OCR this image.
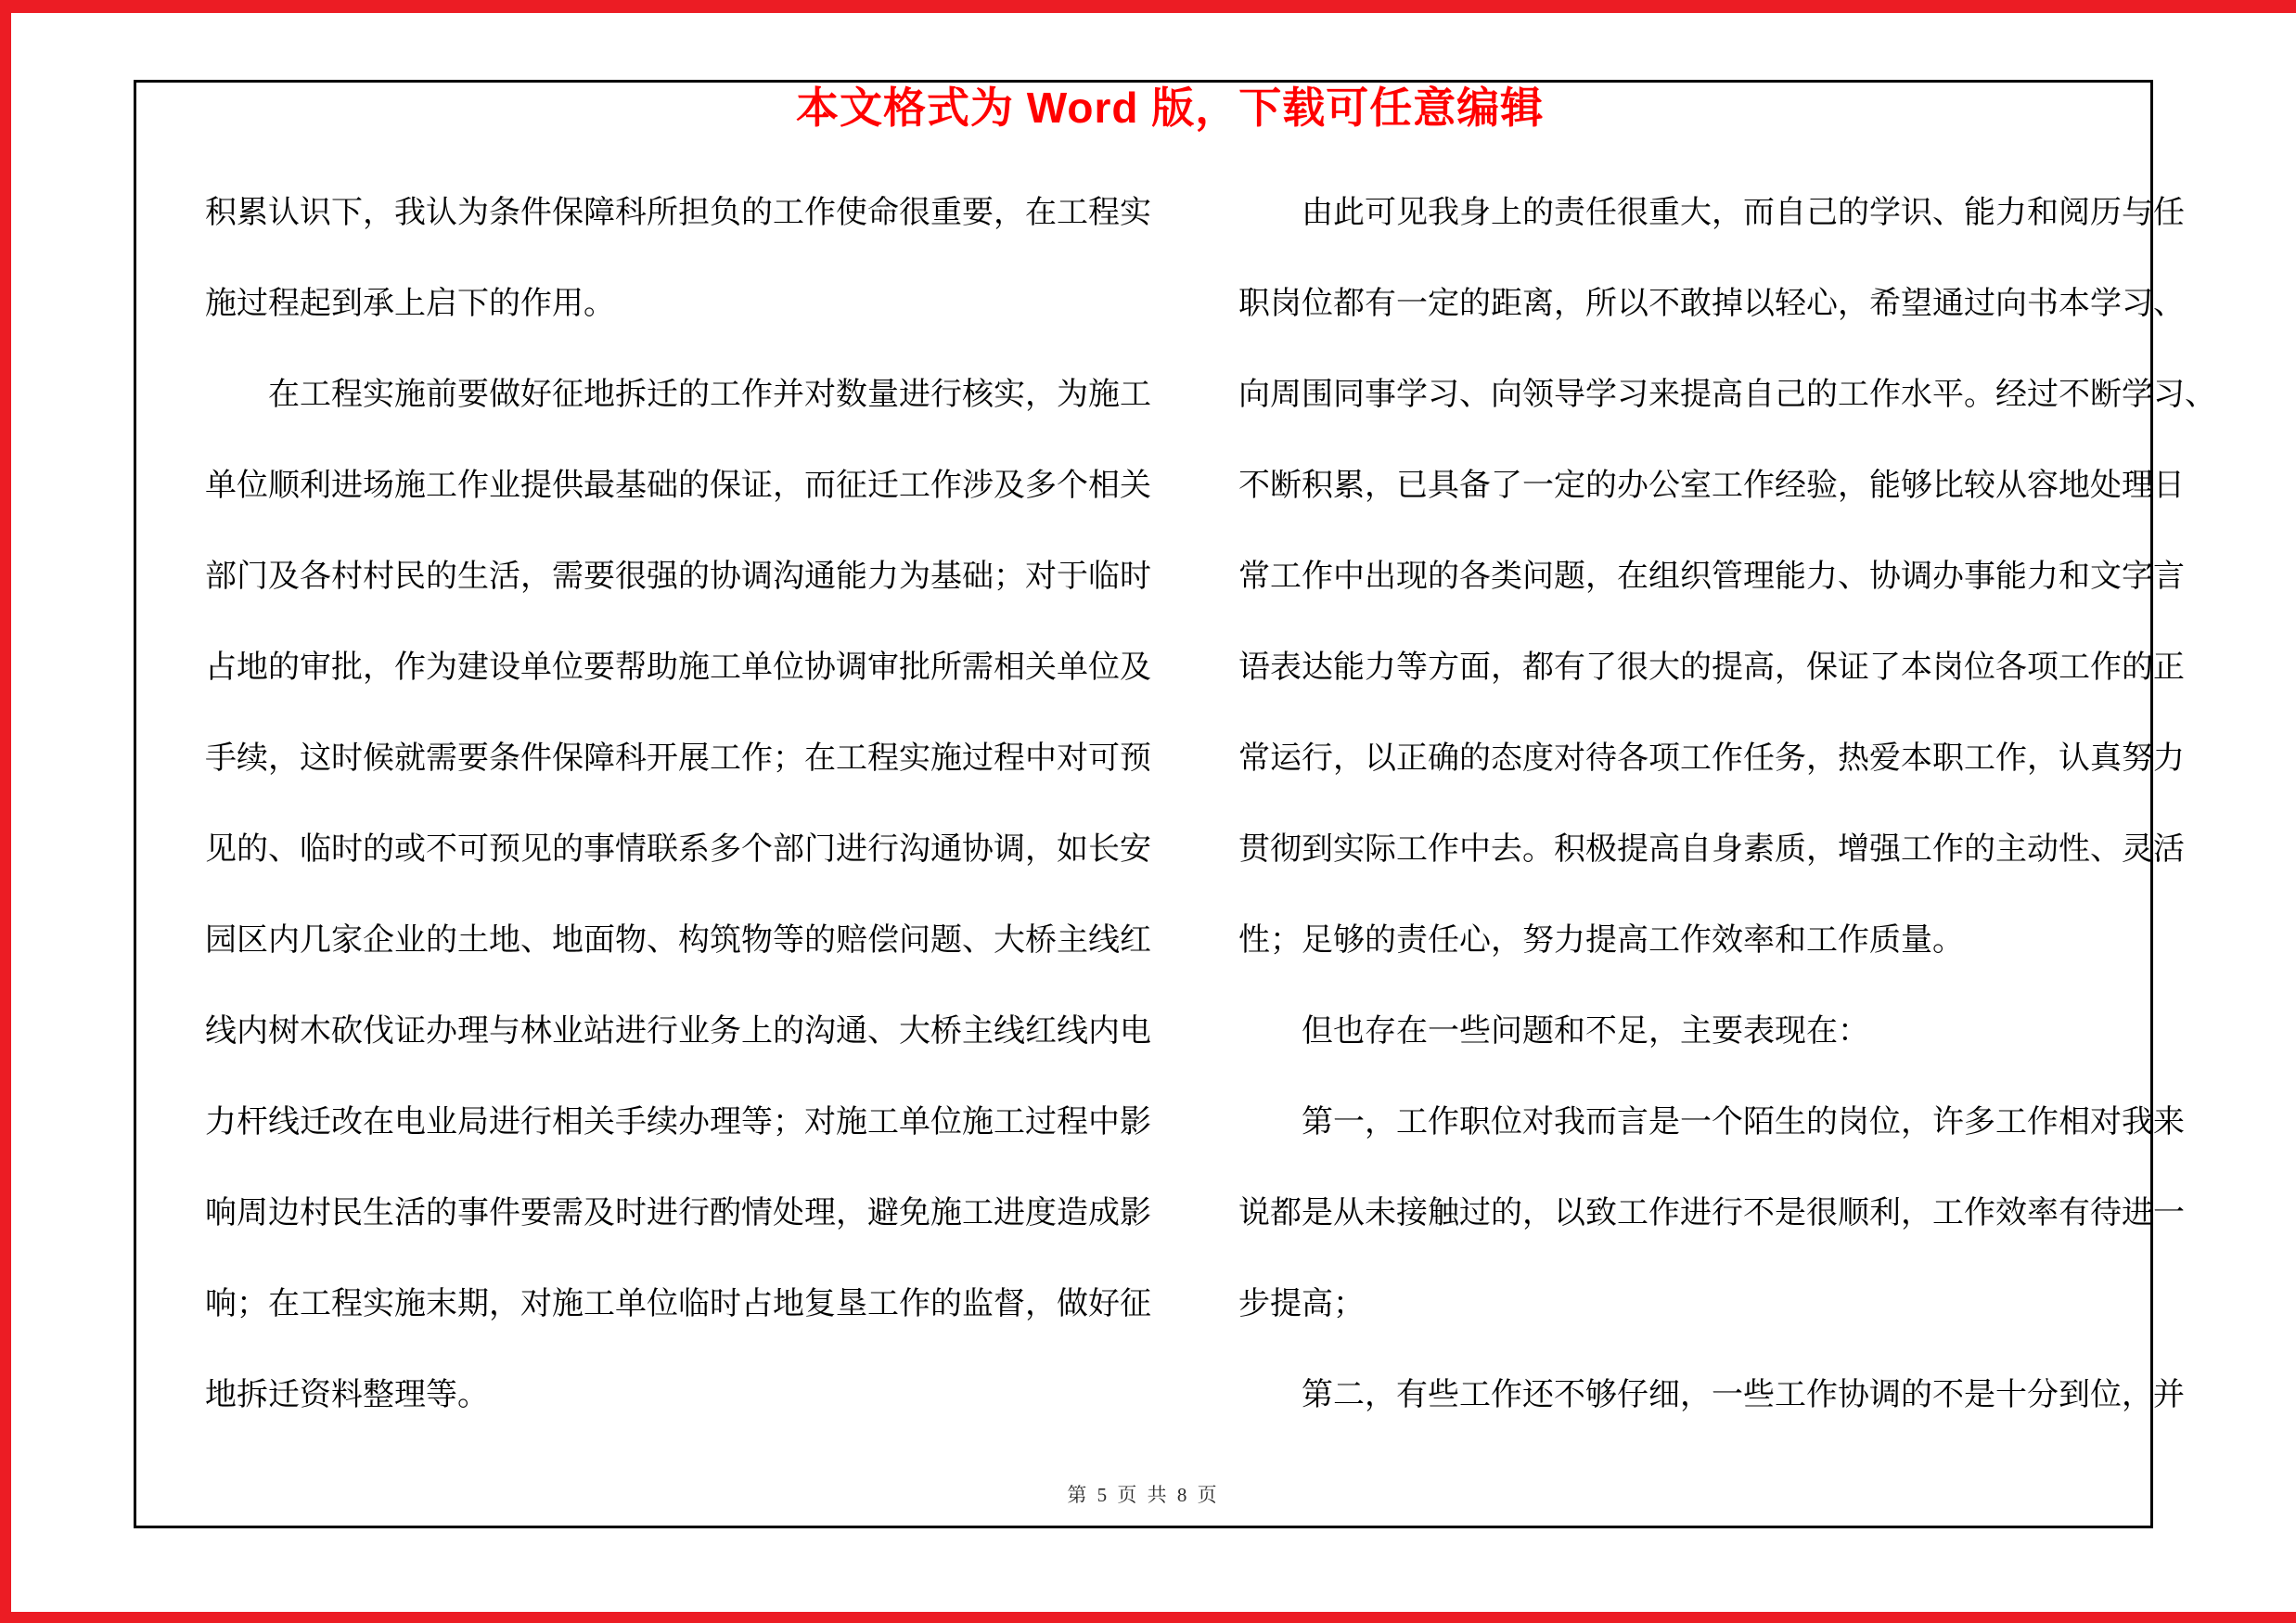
本文格式为 Word 版，下载可任意编辑
积累认识下，我认为条件保障科所担负的工作使命很重要，在工程实
施过程起到承上启下的作用。
　　在工程实施前要做好征地拆迁的工作并对数量进行核实，为施工
单位顺利进场施工作业提供最基础的保证，而征迁工作涉及多个相关
部门及各村村民的生活，需要很强的协调沟通能力为基础；对于临时
占地的审批，作为建设单位要帮助施工单位协调审批所需相关单位及
手续，这时候就需要条件保障科开展工作；在工程实施过程中对可预
见的、临时的或不可预见的事情联系多个部门进行沟通协调，如长安
园区内几家企业的土地、地面物、构筑物等的赔偿问题、大桥主线红
线内树木砍伐证办理与林业站进行业务上的沟通、大桥主线红线内电
力杆线迁改在电业局进行相关手续办理等；对施工单位施工过程中影
响周边村民生活的事件要需及时进行酌情处理，避免施工进度造成影
响；在工程实施末期，对施工单位临时占地复垦工作的监督，做好征
地拆迁资料整理等。
　　由此可见我身上的责任很重大，而自己的学识、能力和阅历与任
职岗位都有一定的距离，所以不敢掉以轻心，希望通过向书本学习、
向周围同事学习、向领导学习来提高自己的工作水平。经过不断学习、
不断积累，已具备了一定的办公室工作经验，能够比较从容地处理日
常工作中出现的各类问题，在组织管理能力、协调办事能力和文字言
语表达能力等方面，都有了很大的提高，保证了本岗位各项工作的正
常运行，以正确的态度对待各项工作任务，热爱本职工作，认真努力
贯彻到实际工作中去。积极提高自身素质，增强工作的主动性、灵活
性；足够的责任心，努力提高工作效率和工作质量。
　　但也存在一些问题和不足，主要表现在：
　　第一，工作职位对我而言是一个陌生的岗位，许多工作相对我来
说都是从未接触过的，以致工作进行不是很顺利，工作效率有待进一
步提高；
　　第二，有些工作还不够仔细，一些工作协调的不是十分到位，并
第 5 页 共 8 页
